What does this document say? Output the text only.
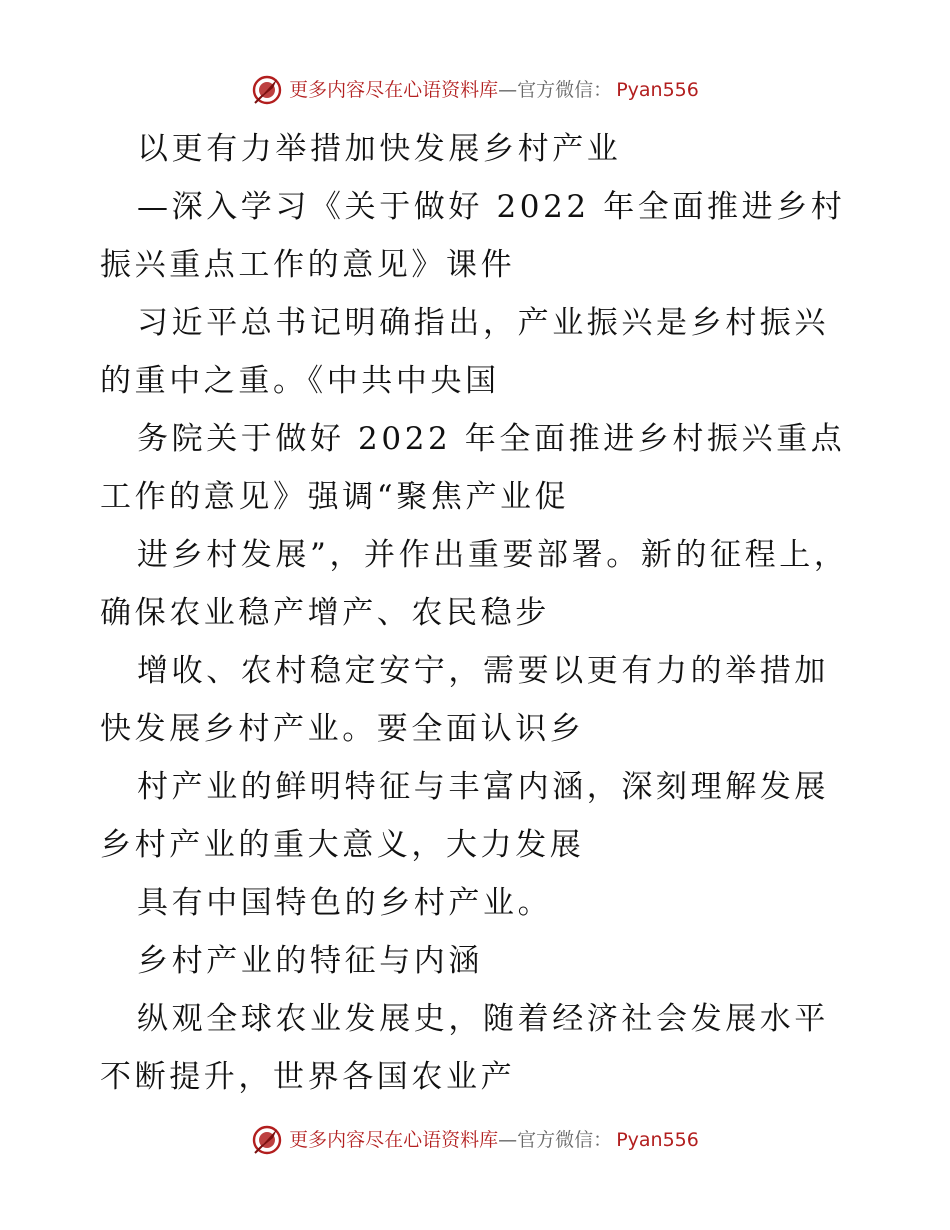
更多内容尽在心语资料库 — 官方微信： Pyan556

以更有力举措加快发展乡村产业

—深入学习《关于做好 2022 年全面推进乡村振兴重点工作的意见》课件

习近平总书记明确指出，产业振兴是乡村振兴的重中之重。《中共中央国

务院关于做好 2022 年全面推进乡村振兴重点工作的意见》强调“聚焦产业促

进乡村发展”，并作出重要部署。新的征程上，确保农业稳产增产、农民稳步

增收、农村稳定安宁，需要以更有力的举措加快发展乡村产业。要全面认识乡

村产业的鲜明特征与丰富内涵，深刻理解发展乡村产业的重大意义，大力发展

具有中国特色的乡村产业。

乡村产业的特征与内涵

纵观全球农业发展史，随着经济社会发展水平不断提升，世界各国农业产

更多内容尽在心语资料库 — 官方微信： Pyan556
